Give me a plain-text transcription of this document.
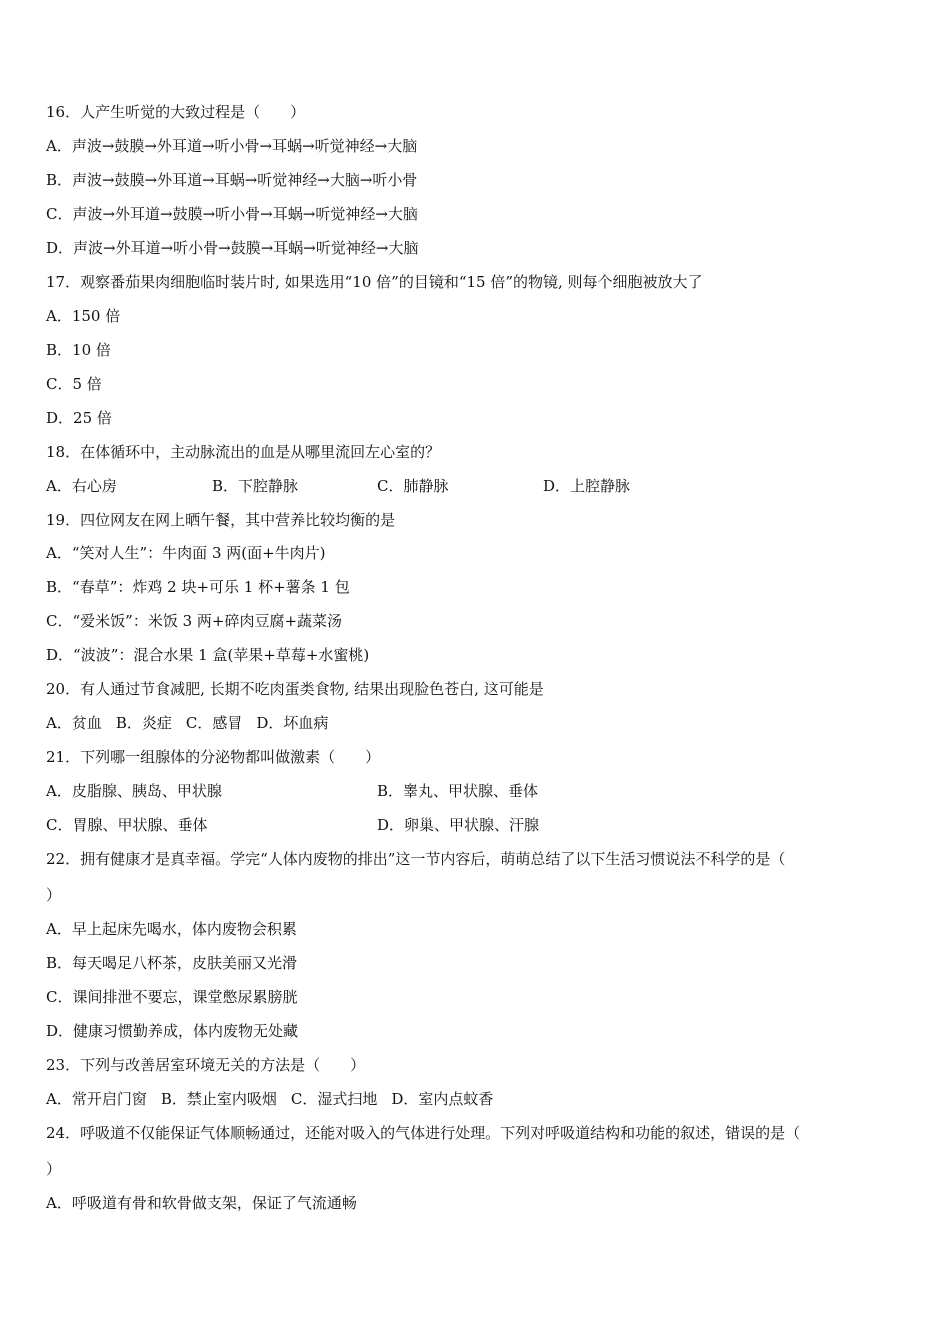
16．人产生听觉的大致过程是（　　）
A．声波→鼓膜→外耳道→听小骨→耳蜗→听觉神经→大脑
B．声波→鼓膜→外耳道→耳蜗→听觉神经→大脑→听小骨
C．声波→外耳道→鼓膜→听小骨→耳蜗→听觉神经→大脑
D．声波→外耳道→听小骨→鼓膜→耳蜗→听觉神经→大脑
17．观察番茄果肉细胞临时装片时, 如果选用“10 倍”的目镜和“15 倍”的物镜, 则每个细胞被放大了
A．150 倍
B．10 倍
C．5 倍
D．25 倍
18．在体循环中，主动脉流出的血是从哪里流回左心室的？
A．右心房	B．下腔静脉	C．肺静脉	D．上腔静脉
19．四位网友在网上晒午餐，其中营养比较均衡的是
A．“笑对人生”：牛肉面 3 两(面+牛肉片)
B．“春草”：炸鸡 2 块+可乐 1 杯+薯条 1 包
C．“爱米饭”：米饭 3 两+碎肉豆腐+蔬菜汤
D．“波波”：混合水果 1 盒(苹果+草莓+水蜜桃)
20．有人通过节食减肥, 长期不吃肉蛋类食物, 结果出现脸色苍白, 这可能是
A．贫血 B．炎症 C．感冒 D．坏血病
21．下列哪一组腺体的分泌物都叫做激素（　　）
A．皮脂腺、胰岛、甲状腺	B．睾丸、甲状腺、垂体
C．胃腺、甲状腺、垂体	D．卵巢、甲状腺、汗腺
22．拥有健康才是真幸福。学完“人体内废物的排出”这一节内容后，萌萌总结了以下生活习惯说法不科学的是（
）
A．早上起床先喝水，体内废物会积累
B．每天喝足八杯茶，皮肤美丽又光滑
C．课间排泄不要忘，课堂憋尿累膀胱
D．健康习惯勤养成，体内废物无处藏
23．下列与改善居室环境无关的方法是（　　）
A．常开启门窗 B．禁止室内吸烟 C．湿式扫地 D．室内点蚊香
24．呼吸道不仅能保证气体顺畅通过，还能对吸入的气体进行处理。下列对呼吸道结构和功能的叙述，错误的是（
）
A．呼吸道有骨和软骨做支架，保证了气流通畅
